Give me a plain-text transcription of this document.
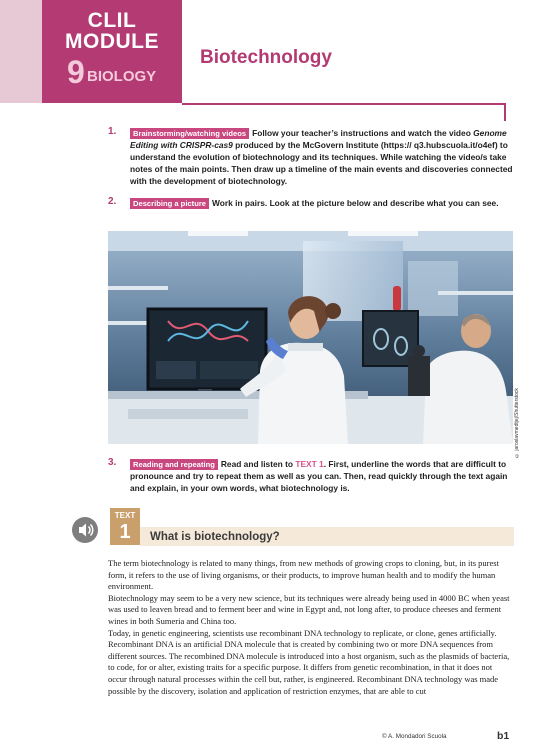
CLIL
MODULE
9 BIOLOGY
Biotechnology
1.	Brainstorming/watching videos Follow your teacher’s instructions and watch the video Genome Editing with CRISPR-cas9 produced by the McGovern Institute (https:// q3.hubscuola.it/o4ef) to understand the evolution of biotechnology and its techniques. While watching the video/s take notes of the main points. Then draw up a timeline of the main events and discoveries connected with the development of biotechnology.
2.	Describing a picture Work in pairs. Look at the picture below and describe what you can see.
© jaroslavmedtjej/Shutterstock
3.	Reading and repeating Read and listen to TEXT 1. First, underline the words that are difficult to pronounce and try to repeat them as well as you can. Then, read quickly through the text again and explain, in your own words, what biotechnology is.
TEXT
1	What is biotechnology?

The term biotechnology is related to many things, from new methods of growing crops to cloning, but, in its purest form, it refers to the use of living organisms, or their products, to improve human health and to modify the human environment.

Biotechnology may seem to be a very new science, but its techniques were already being used in 4000 BC when yeast was used to leaven bread and to ferment beer and wine in Egypt and, not long after, to produce cheeses and ferment wines in both Sumeria and China too.

Today, in genetic engineering, scientists use recombinant DNA technology to replicate, or clone, genes artificially. Recombinant DNA is an artificial DNA molecule that is created by combining two or more DNA sequences from different sources. The recombined DNA molecule is introduced into a host organism, such as the plasmids of bacteria, to code, for or alter, existing traits for a specific purpose. It differs from genetic recombination, in that it does not occur through natural processes within the cell but, rather, is engineered. Recombinant DNA technology was made possible by the discovery, isolation and application of restriction enzymes, that are able to cut

© A. Mondadori Scuola	b1
